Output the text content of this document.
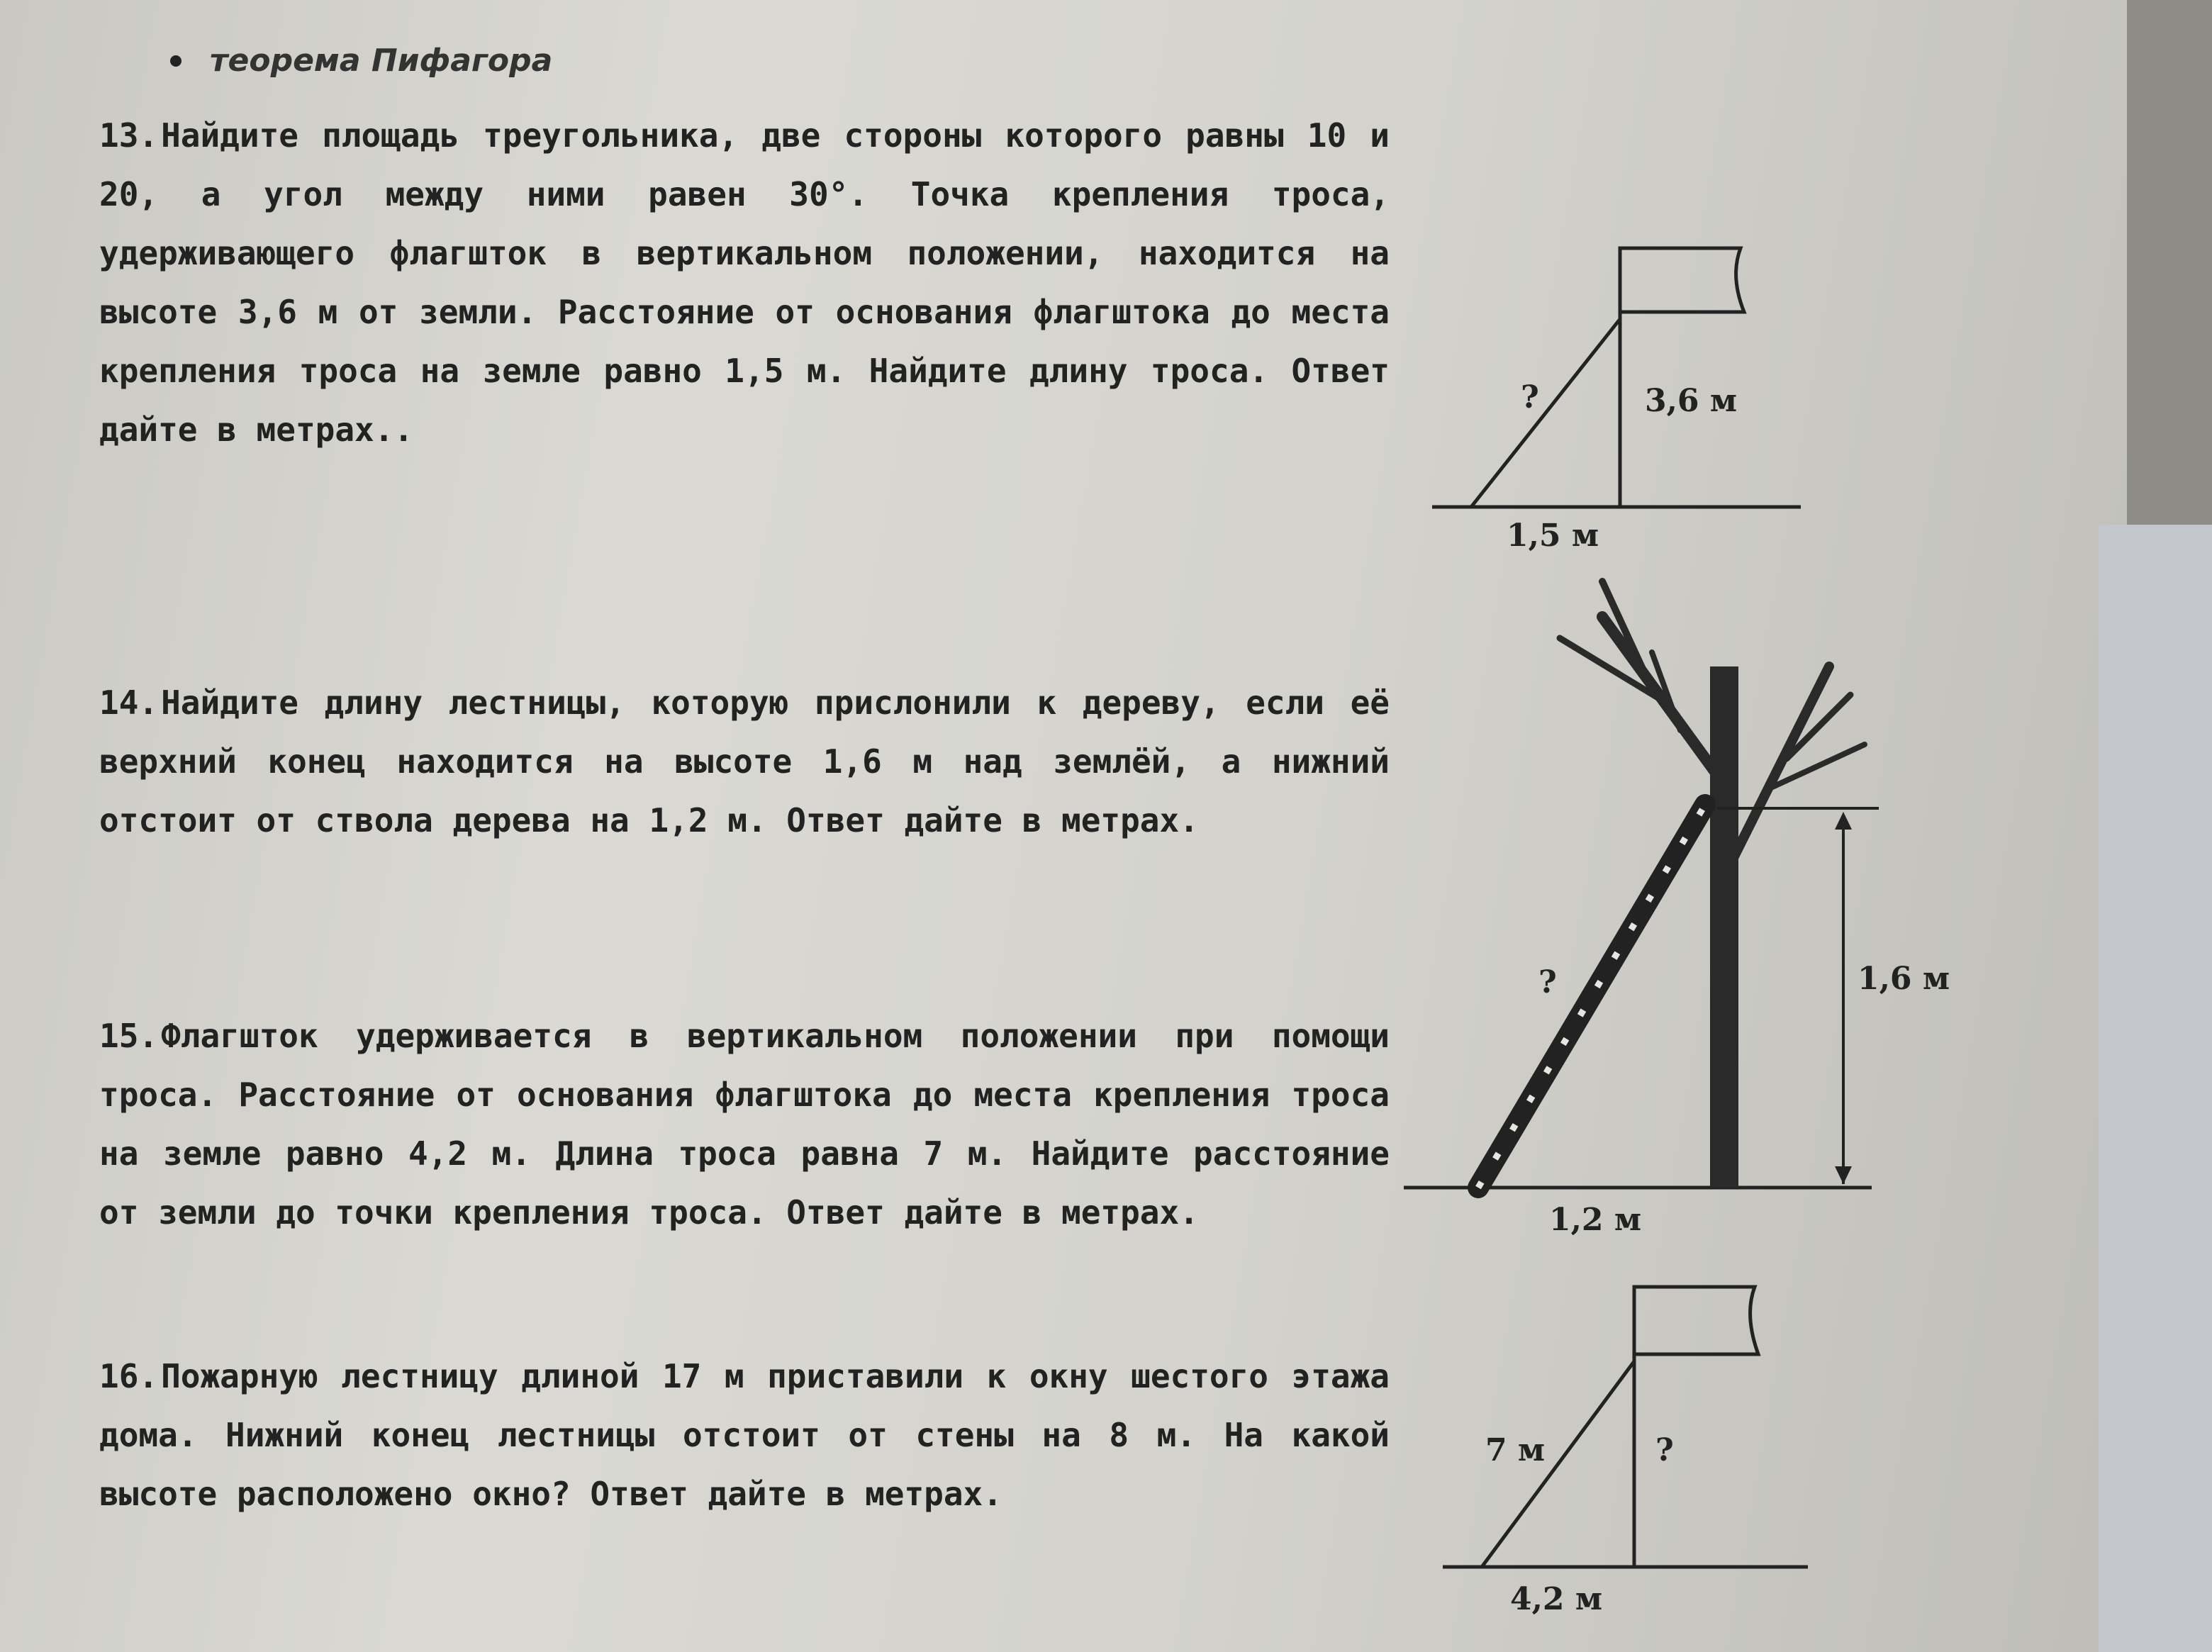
теорема Пифагора
13.Найдите площадь треугольника, две стороны которого равны 10 и 20, а угол между ними равен 30°. Точка крепления троса, удерживающего флагшток в вертикальном положении, находится на высоте 3,6 м от земли. Расстояние от основания флагштока до места крепления троса на земле равно 1,5 м. Найдите длину троса. Ответ дайте в метрах..
14.Найдите длину лестницы, которую прислонили к дереву, если её верхний конец находится на высоте 1,6 м над землёй, а нижний отстоит от ствола дерева на 1,2 м. Ответ дайте в метрах.
15.Флагшток удерживается в вертикальном положении при помощи троса. Расстояние от основания флагштока до места крепления троса на земле равно 4,2 м. Длина троса равна 7 м. Найдите расстояние от земли до точки крепления троса. Ответ дайте в метрах.
16.Пожарную лестницу длиной 17 м приставили к окну шестого этажа дома. Нижний конец лестницы отстоит от стены на 8 м. На какой высоте расположено окно? Ответ дайте в метрах.
?	3,6 м
1,5 м
?	1,6 м
1,2 м
7 м	?
4,2 м
